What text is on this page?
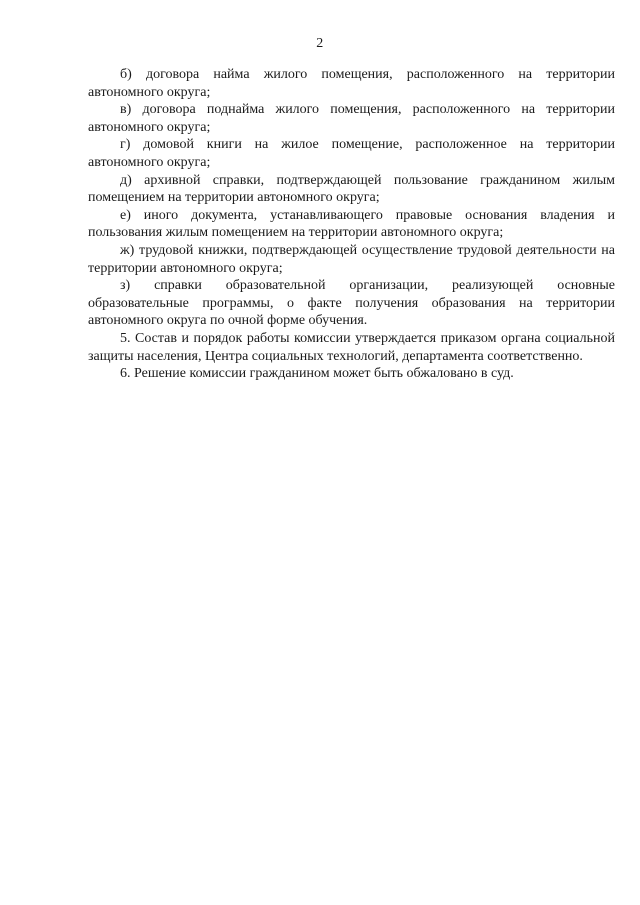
2

б) договора найма жилого помещения, расположенного на территории автономного округа;

в) договора поднайма жилого помещения, расположенного на территории автономного округа;

г) домовой книги на жилое помещение, расположенное на территории автономного округа;

д) архивной справки, подтверждающей пользование гражданином жилым помещением на территории автономного округа;

е) иного документа, устанавливающего правовые основания владения и пользования жилым помещением на территории автономного округа;

ж) трудовой книжки, подтверждающей осуществление трудовой деятельности на территории автономного округа;

з) справки образовательной организации, реализующей основные образовательные программы, о факте получения образования на территории автономного округа по очной форме обучения.

5. Состав и порядок работы комиссии утверждается приказом органа социальной защиты населения, Центра социальных технологий, департамента соответственно.

6. Решение комиссии гражданином может быть обжаловано в суд.
